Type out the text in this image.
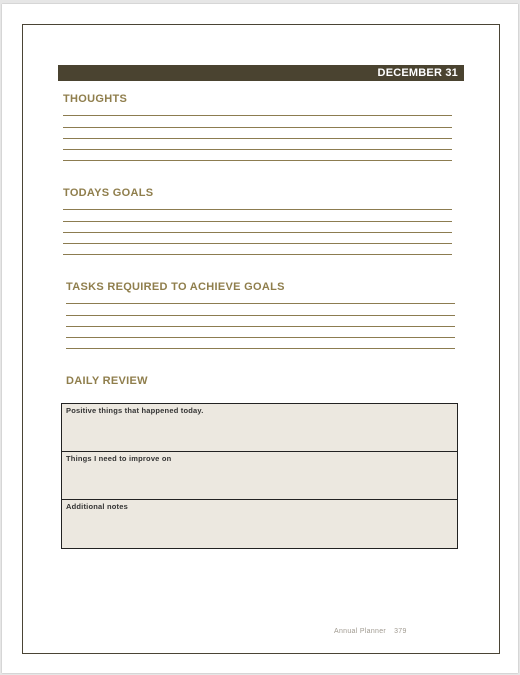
DECEMBER 31
THOUGHTS
TODAYS GOALS
TASKS REQUIRED TO ACHIEVE GOALS
DAILY REVIEW
Positive things that happened today.
Things I need to improve on
Additional notes
Annual Planner 379
